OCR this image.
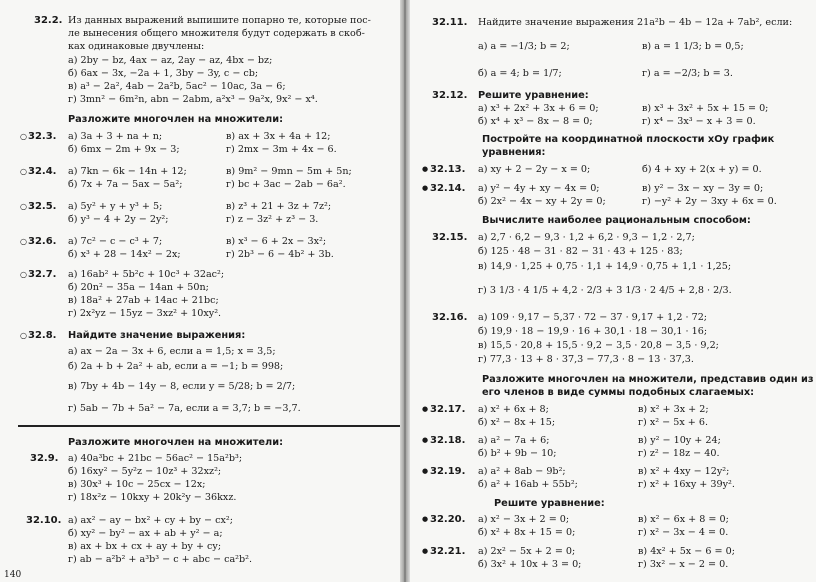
32.2. Из данных выражений выпишите попарно те, которые пос-
ле вынесения общего множителя будут содержать в скоб-
ках одинаковые двучлены:
а) 2by − bz, 4ax − az, 2ay − az, 4bx − bz;
б) 6ax − 3x, −2a + 1, 3by − 3y, c − cb;
в) a³ − 2a², 4ab − 2a²b, 5ac² − 10ac, 3a − 6;
г) 3mn² − 6m²n, abn − 2abm, a²x³ − 9a²x, 9x² − x⁴.
Разложите многочлен на множители:
○ 32.3. а) 3a + 3 + na + n;	в) ax + 3x + 4a + 12;
б) 6mx − 2m + 9x − 3;	г) 2mx − 3m + 4x − 6.
○ 32.4. а) 7kn − 6k − 14n + 12;	в) 9m² − 9mn − 5m + 5n;
б) 7x + 7a − 5ax − 5a²;	г) bc + 3ac − 2ab − 6a².
○ 32.5. а) 5y² + y + y³ + 5;	в) z³ + 21 + 3z + 7z²;
б) y³ − 4 + 2y − 2y²;	г) z − 3z² + z³ − 3.
○ 32.6. а) 7c² − c − c³ + 7;	в) x³ − 6 + 2x − 3x²;
б) x³ + 28 − 14x² − 2x;	г) 2b³ − 6 − 4b² + 3b.
○ 32.7. а) 16ab² + 5b²c + 10c³ + 32ac²;
б) 20n² − 35a − 14an + 50n;
в) 18a² + 27ab + 14ac + 21bc;
г) 2x²yz − 15yz − 3xz² + 10xy².
○ 32.8. Найдите значение выражения:
а) ax − 2a − 3x + 6, если a = 1,5; x = 3,5;
б) 2a + b + 2a² + ab, если a = −1; b = 998;
в) 7by + 4b − 14y − 8, если y = 5/28; b = 2/7;
г) 5ab − 7b + 5a² − 7a, если a = 3,7; b = −3,7.
Разложите многочлен на множители:
32.9. а) 40a³bc + 21bc − 56ac² − 15a²b³;
б) 16xy² − 5y²z − 10z³ + 32xz²;
в) 30x³ + 10c − 25cx − 12x;
г) 18x²z − 10kxy + 20k²y − 36kxz.
32.10. а) ax² − ay − bx² + cy + by − cx²;
б) xy² − by² − ax + ab + y² − a;
в) ax + bx + cx + ay + by + cy;
г) ab − a²b² + a³b³ − c + abc − ca²b².
140
32.11. Найдите значение выражения 21a²b − 4b − 12a + 7ab², если:
а) a = −1/3; b = 2;	в) a = 1 1/3; b = 0,5;
б) a = 4; b = 1/7;	г) a = −2/3; b = 3.
32.12. Решите уравнение:
а) x³ + 2x² + 3x + 6 = 0;	в) x³ + 3x² + 5x + 15 = 0;
б) x⁴ + x³ − 8x − 8 = 0;	г) x⁴ − 3x³ − x + 3 = 0.
Постройте на координатной плоскости xOy график
уравнения:
● 32.13. а) xy + 2 − 2y − x = 0;	б) 4 + xy + 2(x + y) = 0.
● 32.14. а) y² − 4y + xy − 4x = 0;	в) y² − 3x − xy − 3y = 0;
б) 2x² − 4x − xy + 2y = 0;	г) −y² + 2y − 3xy + 6x = 0.
Вычислите наиболее рациональным способом:
32.15. а) 2,7 · 6,2 − 9,3 · 1,2 + 6,2 · 9,3 − 1,2 · 2,7;
б) 125 · 48 − 31 · 82 − 31 · 43 + 125 · 83;
в) 14,9 · 1,25 + 0,75 · 1,1 + 14,9 · 0,75 + 1,1 · 1,25;
г) 3 1/3 · 4 1/5 + 4,2 · 2/3 + 3 1/3 · 2 4/5 + 2,8 · 2/3.
32.16. а) 109 · 9,17 − 5,37 · 72 − 37 · 9,17 + 1,2 · 72;
б) 19,9 · 18 − 19,9 · 16 + 30,1 · 18 − 30,1 · 16;
в) 15,5 · 20,8 + 15,5 · 9,2 − 3,5 · 20,8 − 3,5 · 9,2;
г) 77,3 · 13 + 8 · 37,3 − 77,3 · 8 − 13 · 37,3.
Разложите многочлен на множители, представив один из
его членов в виде суммы подобных слагаемых:
● 32.17. а) x² + 6x + 8;	в) x² + 3x + 2;
б) x² − 8x + 15;	г) x² − 5x + 6.
● 32.18. а) a² − 7a + 6;	в) y² − 10y + 24;
б) b² + 9b − 10;	г) z² − 18z − 40.
● 32.19. а) a² + 8ab − 9b²;	в) x² + 4xy − 12y²;
б) a² + 16ab + 55b²;	г) x² + 16xy + 39y².
Решите уравнение:
● 32.20. а) x² − 3x + 2 = 0;	в) x² − 6x + 8 = 0;
б) x² + 8x + 15 = 0;	г) x² − 3x − 4 = 0.
● 32.21. а) 2x² − 5x + 2 = 0;	в) 4x² + 5x − 6 = 0;
б) 3x² + 10x + 3 = 0;	г) 3x² − x − 2 = 0.
